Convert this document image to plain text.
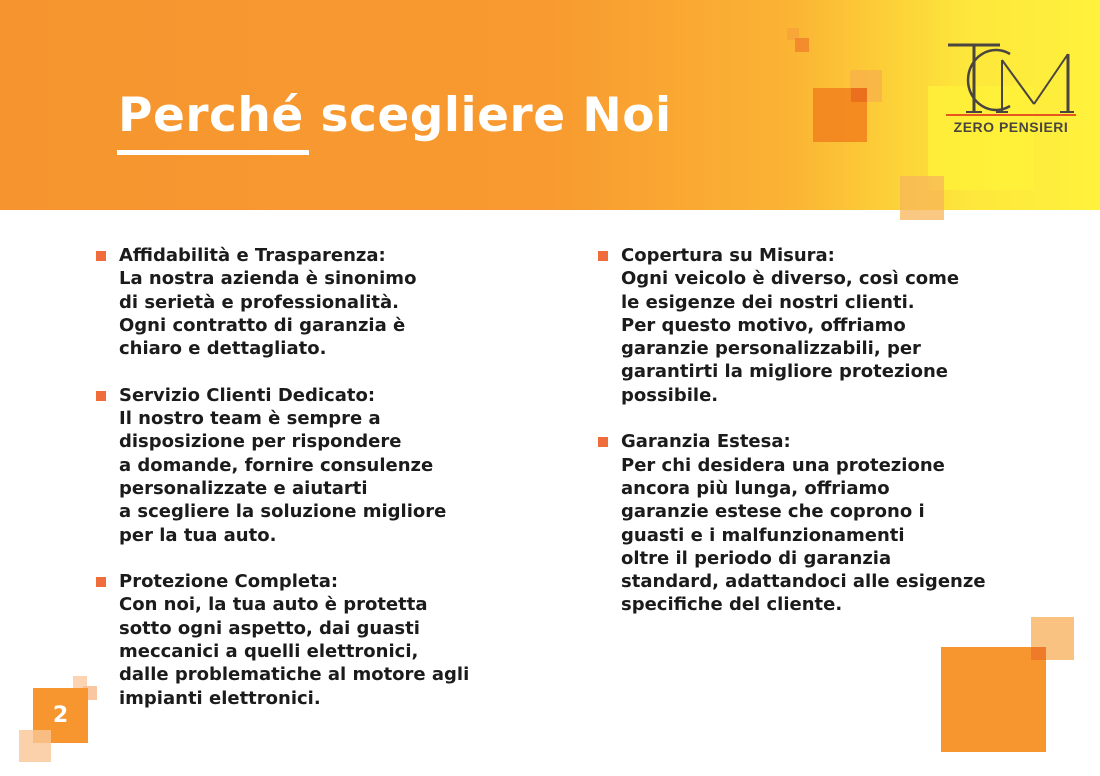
Perché scegliere Noi	ZERO PENSIERI
Affidabilità e Trasparenza:
La nostra azienda è sinonimo
di serietà e professionalità.
Ogni contratto di garanzia è
chiaro e dettagliato.
Servizio Clienti Dedicato:
Il nostro team è sempre a
disposizione per rispondere
a domande, fornire consulenze
personalizzate e aiutarti
a scegliere la soluzione migliore
per la tua auto.
Protezione Completa:
Con noi, la tua auto è protetta
sotto ogni aspetto, dai guasti
meccanici a quelli elettronici,
dalle problematiche al motore agli
impianti elettronici.
Copertura su Misura:
Ogni veicolo è diverso, così come
le esigenze dei nostri clienti.
Per questo motivo, offriamo
garanzie personalizzabili, per
garantirti la migliore protezione
possibile.
Garanzia Estesa:
Per chi desidera una protezione
ancora più lunga, offriamo
garanzie estese che coprono i
guasti e i malfunzionamenti
oltre il periodo di garanzia
standard, adattandoci alle esigenze
specifiche del cliente.
2
